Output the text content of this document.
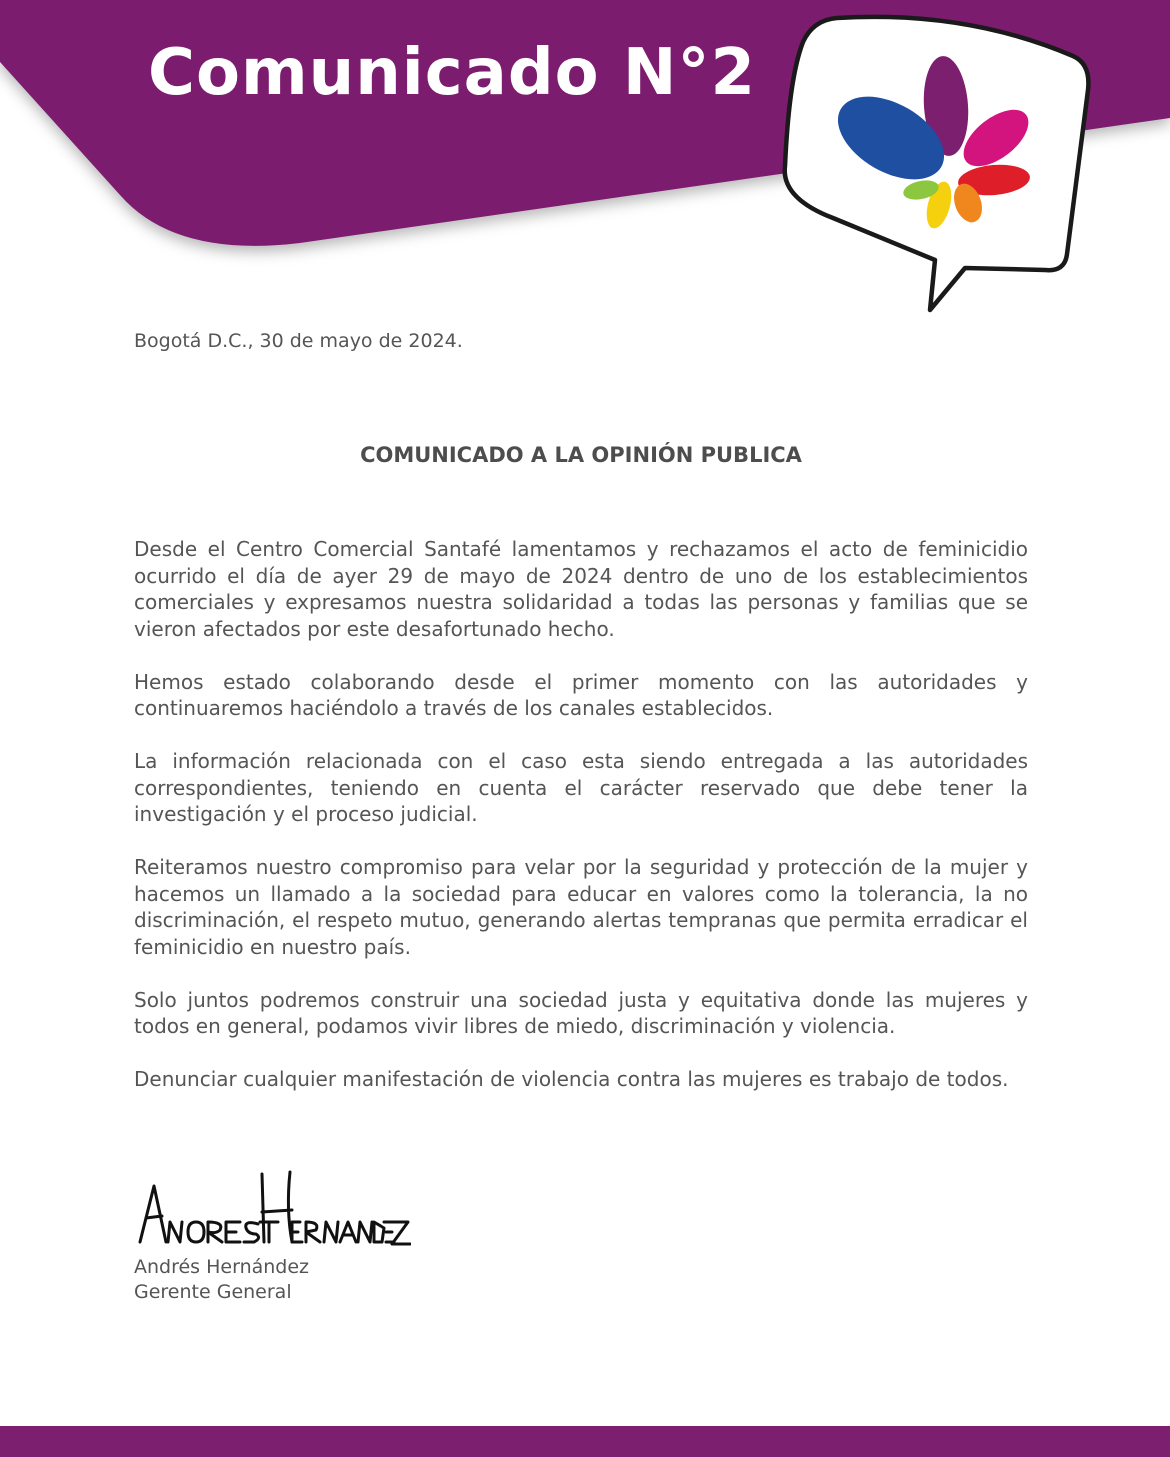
Comunicado N°2
Bogotá D.C., 30 de mayo de 2024.
COMUNICADO A LA OPINIÓN PUBLICA

Desde el Centro Comercial Santafé lamentamos y rechazamos el acto de feminicidio ocurrido el día de ayer 29 de mayo de 2024 dentro de uno de los establecimientos comerciales y expresamos nuestra solidaridad a todas las personas y familias que se vieron afectados por este desafortunado hecho.

Hemos estado colaborando desde el primer momento con las autoridades y continuaremos haciéndolo a través de los canales establecidos.

La información relacionada con el caso esta siendo entregada a las autoridades correspondientes, teniendo en cuenta el carácter reservado que debe tener la investigación y el proceso judicial.

Reiteramos nuestro compromiso para velar por la seguridad y protección de la mujer y hacemos un llamado a la sociedad para educar en valores como la tolerancia, la no discriminación, el respeto mutuo, generando alertas tempranas que permita erradicar el feminicidio en nuestro país.

Solo juntos podremos construir una sociedad justa y equitativa donde las mujeres y todos en general, podamos vivir libres de miedo, discriminación y violencia.

Denunciar cualquier manifestación de violencia contra las mujeres es trabajo de todos.

Andrés Hernández
Gerente General
